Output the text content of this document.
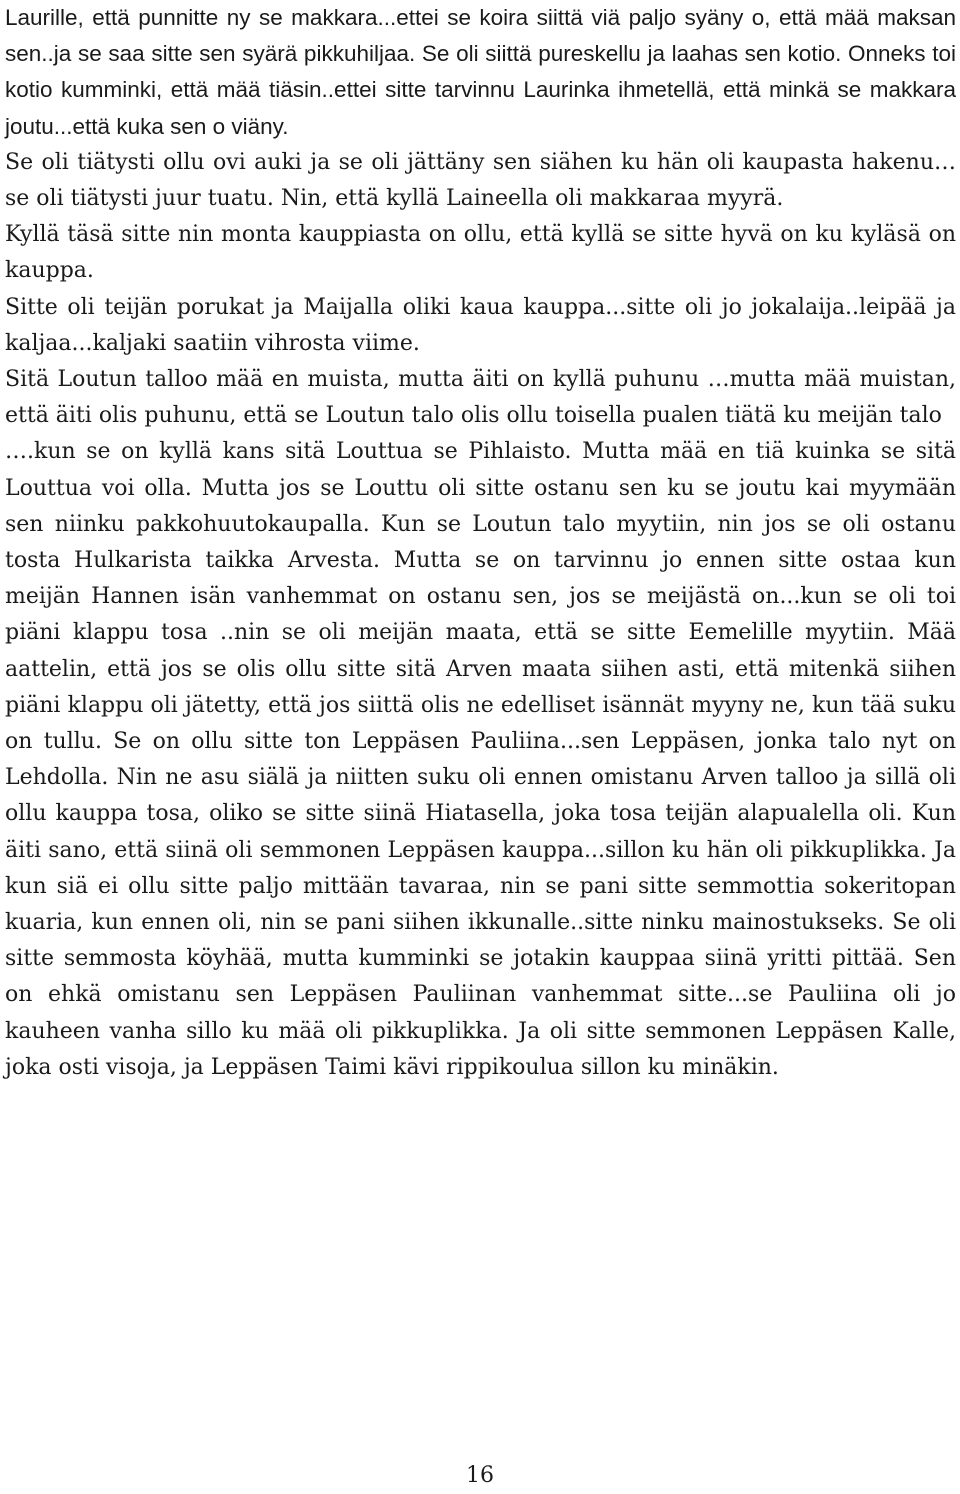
Laurille, että punnitte ny se makkara...ettei se koira siittä viä paljo syäny o, että mää maksan sen..ja se saa sitte sen syärä pikkuhiljaa. Se oli siittä pureskellu ja laahas sen kotio. Onneks toi kotio kumminki, että mää tiäsin..ettei sitte tarvinnu Laurinka ihmetellä, että minkä se makkara joutu...että kuka sen o viäny.

Se oli tiätysti ollu ovi auki ja se oli jättäny sen siähen ku hän oli kaupasta hakenu…se oli tiätysti juur tuatu. Nin, että kyllä Laineella oli makkaraa myyrä.

Kyllä täsä sitte nin monta kauppiasta on ollu, että kyllä se sitte hyvä on ku kyläsä on kauppa.

Sitte oli teijän porukat ja Maijalla oliki kaua kauppa...sitte oli jo jokalaija..leipää ja kaljaa...kaljaki saatiin vihrosta viime.

Sitä Loutun talloo mää en muista, mutta äiti on kyllä puhunu …mutta mää muistan, että äiti olis puhunu, että se Loutun talo olis ollu toisella pualen tiätä ku meijän talo

….kun se on kyllä kans sitä Louttua se Pihlaisto. Mutta mää en tiä kuinka se sitä Louttua voi olla. Mutta jos se Louttu oli sitte ostanu sen ku se joutu kai myymään sen niinku pakkohuutokaupalla. Kun se Loutun talo myytiin, nin jos se oli ostanu tosta Hulkarista taikka Arvesta. Mutta se on tarvinnu jo ennen sitte ostaa kun meijän Hannen isän vanhemmat on ostanu sen, jos se meijästä on...kun se oli toi piäni klappu tosa ..nin se oli meijän maata, että se sitte Eemelille myytiin. Mää aattelin, että jos se olis ollu sitte sitä Arven maata siihen asti, että mitenkä siihen piäni klappu oli jätetty, että jos siittä olis ne edelliset isännät myyny ne, kun tää suku on tullu. Se on ollu sitte ton Leppäsen Pauliina...sen Leppäsen, jonka talo nyt on Lehdolla. Nin ne asu siälä ja niitten suku oli ennen omistanu Arven talloo ja sillä oli ollu kauppa tosa, oliko se sitte siinä Hiatasella, joka tosa teijän alapualella oli. Kun äiti sano, että siinä oli semmonen Leppäsen kauppa...sillon ku hän oli pikkuplikka. Ja kun siä ei ollu sitte paljo mittään tavaraa, nin se pani sitte semmottia sokeritopan kuaria, kun ennen oli, nin se pani siihen ikkunalle..sitte ninku mainostukseks. Se oli sitte semmosta köyhää, mutta kumminki se jotakin kauppaa siinä yritti pittää. Sen on ehkä omistanu sen Leppäsen Pauliinan vanhemmat sitte...se Pauliina oli jo kauheen vanha sillo ku mää oli pikkuplikka. Ja oli sitte semmonen Leppäsen Kalle, joka osti visoja, ja Leppäsen Taimi kävi rippikoulua sillon ku minäkin.

16
